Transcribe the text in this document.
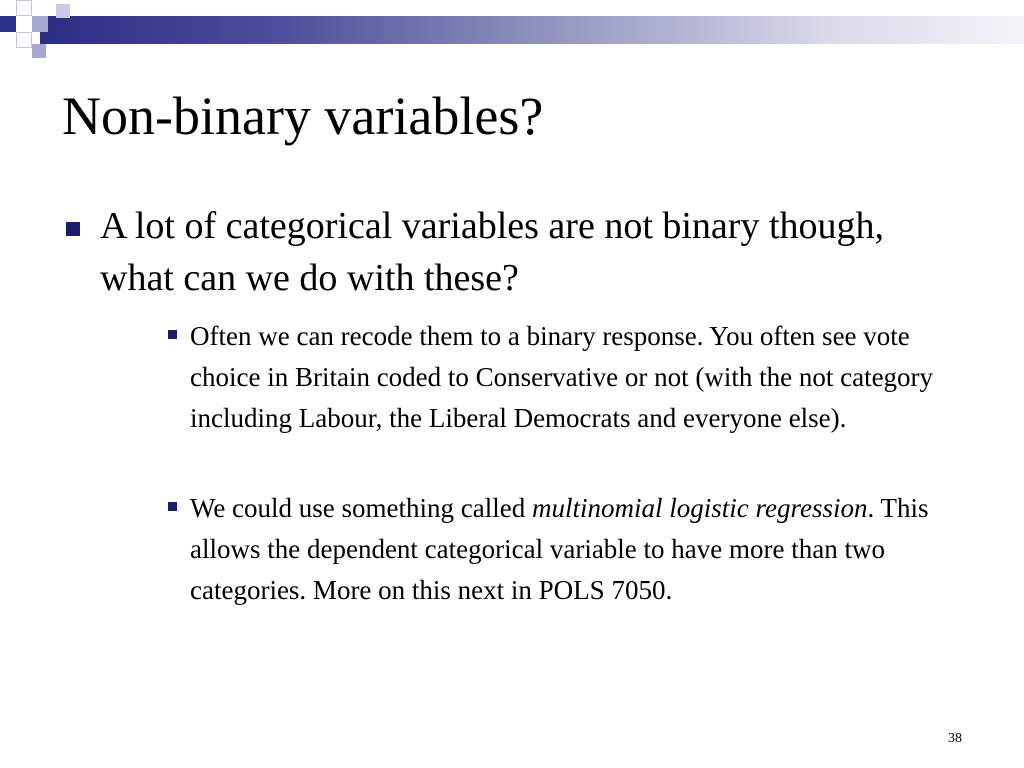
Non-binary variables?
A lot of categorical variables are not binary though, what can we do with these?
Often we can recode them to a binary response. You often see vote choice in Britain coded to Conservative or not (with the not category including Labour, the Liberal Democrats and everyone else).
We could use something called multinomial logistic regression. This allows the dependent categorical variable to have more than two categories. More on this next in POLS 7050.
38
